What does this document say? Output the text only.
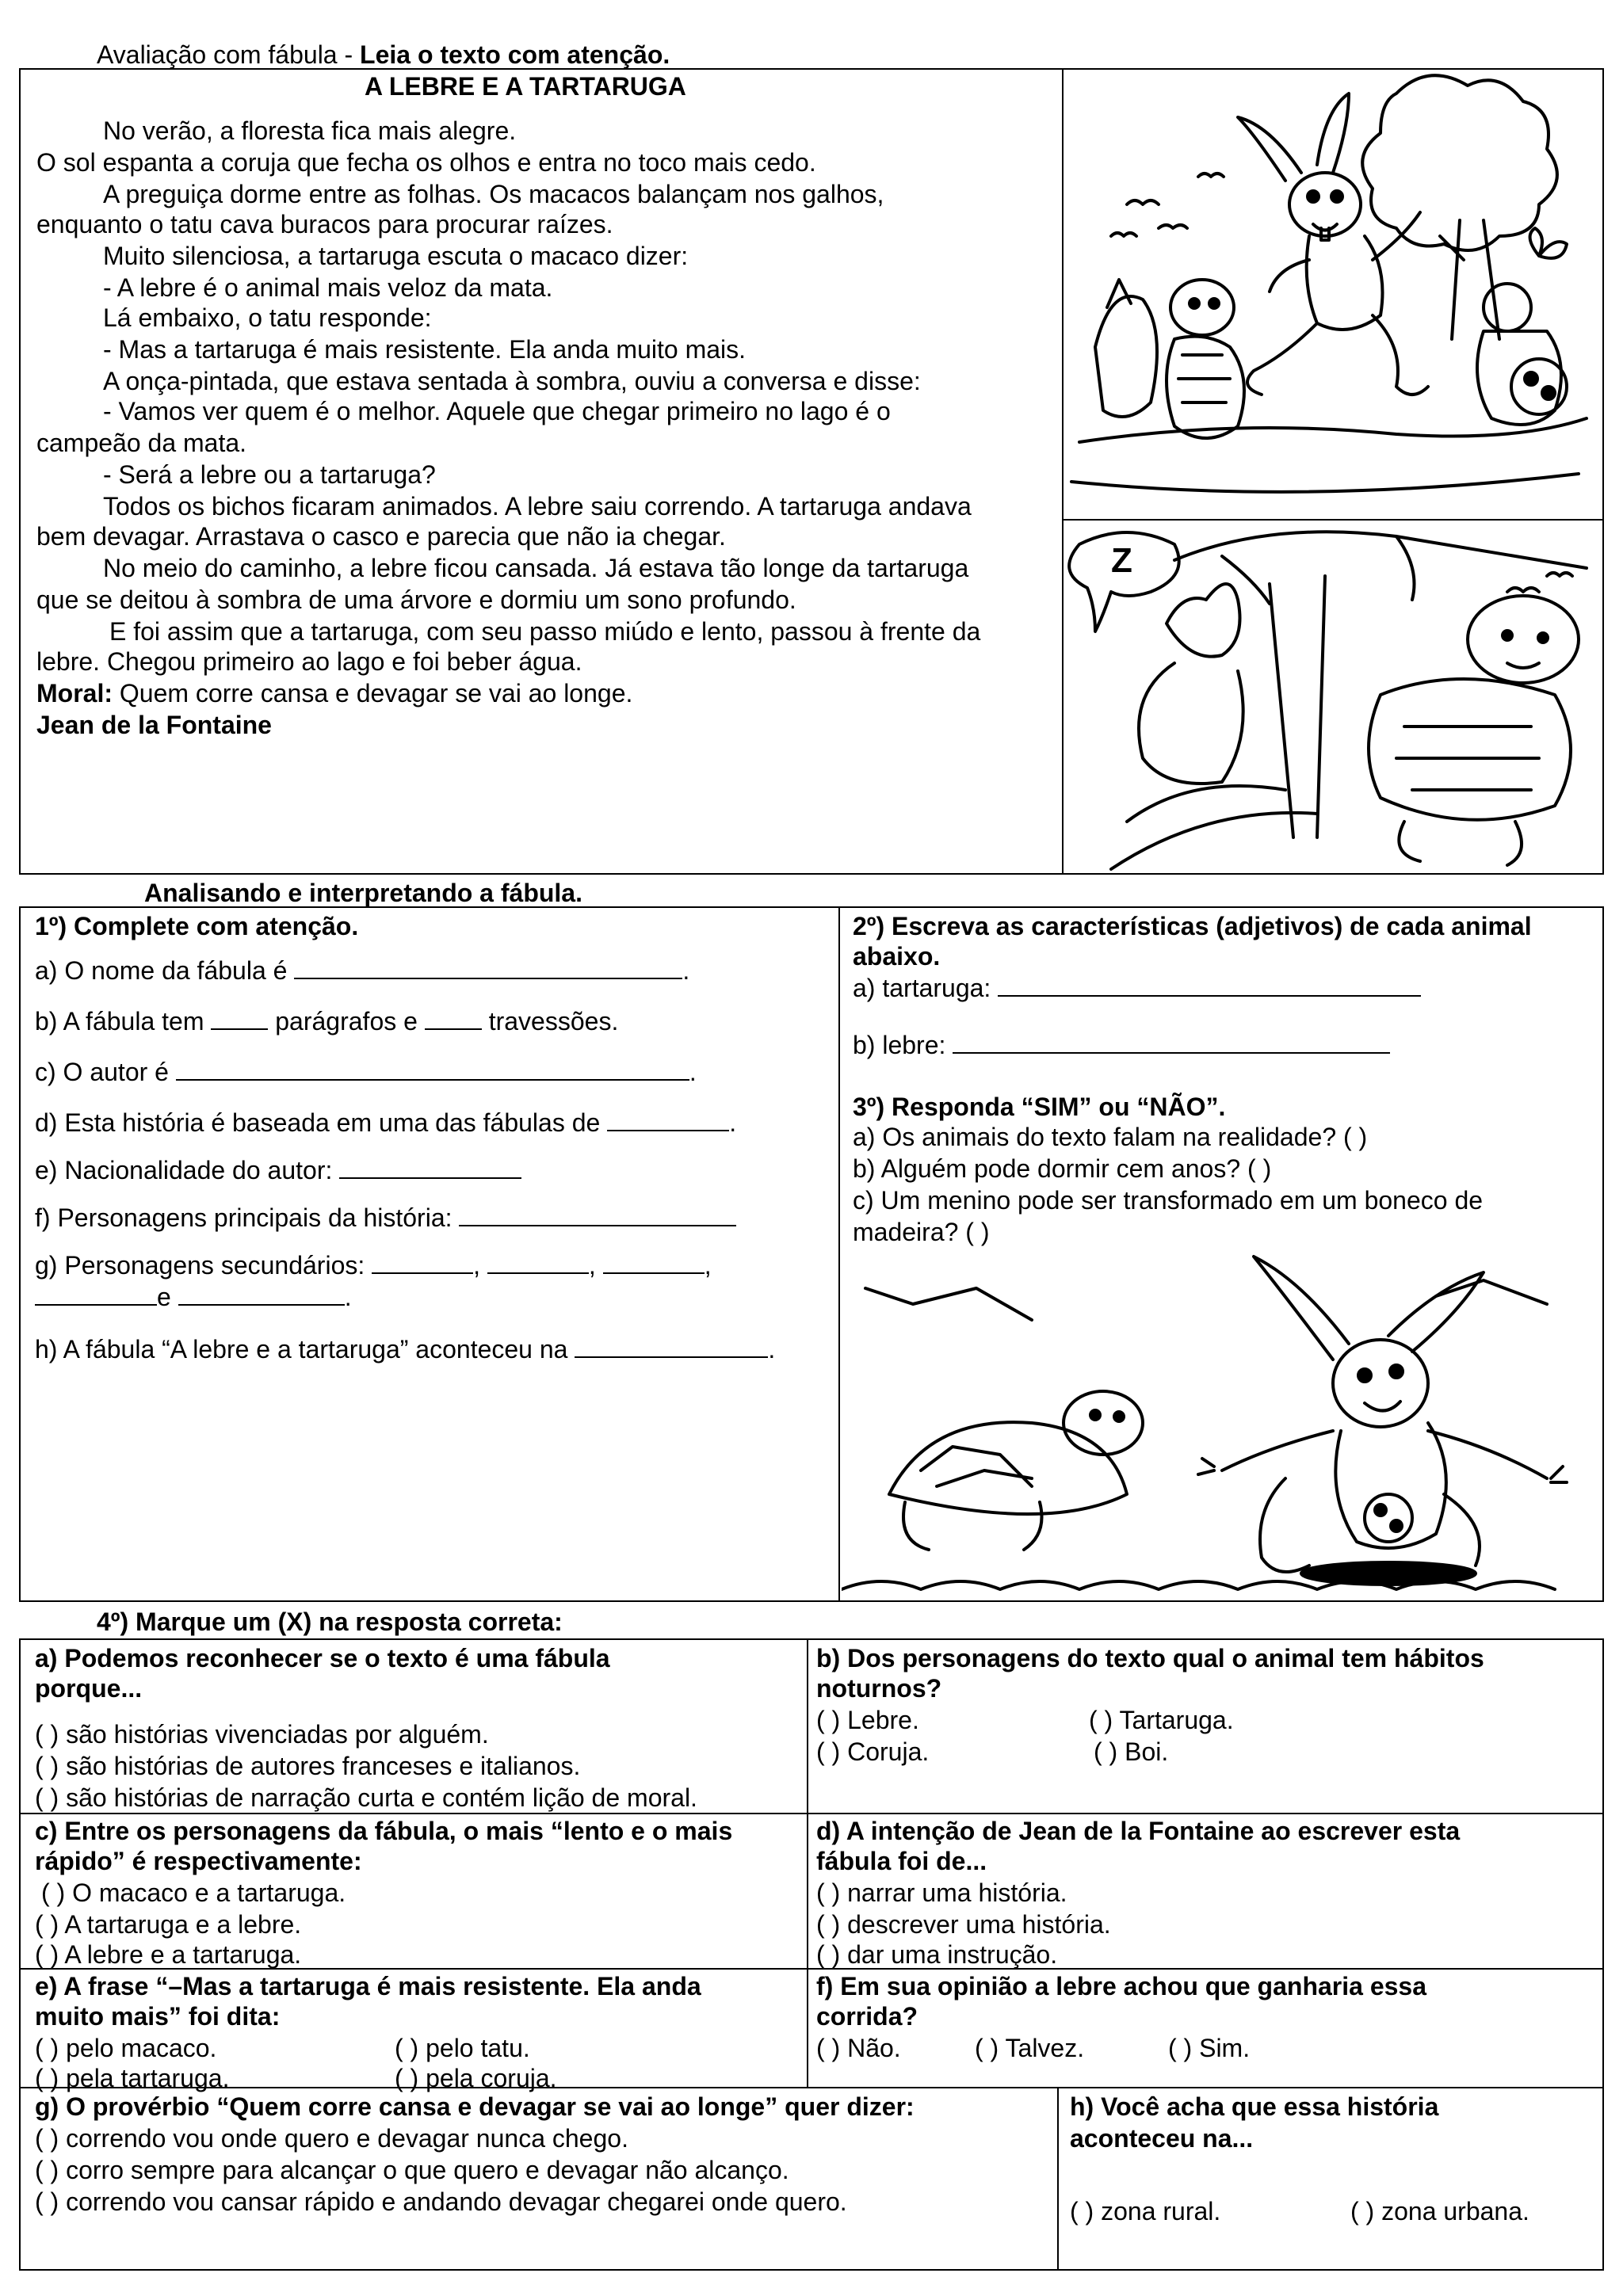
Avaliação com fábula - Leia o texto com atenção.
A LEBRE E A TARTARUGA
No verão, a floresta fica mais alegre.
O sol espanta a coruja que fecha os olhos e entra no toco mais cedo.
A preguiça dorme entre as folhas. Os macacos balançam nos galhos,
enquanto o tatu cava buracos para procurar raízes.
Muito silenciosa, a tartaruga escuta o macaco dizer:
- A lebre é o animal mais veloz da mata.
Lá embaixo, o tatu responde:
- Mas a tartaruga é mais resistente. Ela anda muito mais.
A onça-pintada, que estava sentada à sombra, ouviu a conversa e disse:
- Vamos ver quem é o melhor. Aquele que chegar primeiro no lago é o
campeão da mata.
- Será a lebre ou a tartaruga?
Todos os bichos ficaram animados. A lebre saiu correndo. A tartaruga andava
bem devagar. Arrastava o casco e parecia que não ia chegar.
No meio do caminho, a lebre ficou cansada. Já estava tão longe da tartaruga
que se deitou à sombra de uma árvore e dormiu um sono profundo.
E foi assim que a tartaruga, com seu passo miúdo e lento, passou à frente da
lebre. Chegou primeiro ao lago e foi beber água.
Moral: Quem corre cansa e devagar se vai ao longe.
Jean de la Fontaine
Z
Analisando e interpretando a fábula.
1º) Complete com atenção.
a) O nome da fábula é	.
b) A fábula tem	parágrafos e	travessões.
c) O autor é	.
d) Esta história é baseada em uma das fábulas de	.
e) Nacionalidade do autor:
f) Personagens principais da história:
g) Personagens secundários:	,	,	,
e	.
h) A fábula “A lebre e a tartaruga” aconteceu na	.
2º) Escreva as características (adjetivos) de cada animal
abaixo.
a) tartaruga:
b) lebre:
3º) Responda “SIM” ou “NÃO”.
a) Os animais do texto falam na realidade? ( )
b) Alguém pode dormir cem anos? ( )
c) Um menino pode ser transformado em um boneco de
madeira? ( )
4º) Marque um (X) na resposta correta:
a) Podemos reconhecer se o texto é uma fábula
porque...
( ) são histórias vivenciadas por alguém.
( ) são histórias de autores franceses e italianos.
( ) são histórias de narração curta e contém lição de moral.
b) Dos personagens do texto qual o animal tem hábitos
noturnos?
( ) Lebre.	( ) Tartaruga.
( ) Coruja.	( ) Boi.
c) Entre os personagens da fábula, o mais “lento e o mais
rápido” é respectivamente:
( ) O macaco e a tartaruga.
( ) A tartaruga e a lebre.
( ) A lebre e a tartaruga.
d) A intenção de Jean de la Fontaine ao escrever esta
fábula foi de...
( ) narrar uma história.
( ) descrever uma história.
( ) dar uma instrução.
e) A frase “–Mas a tartaruga é mais resistente. Ela anda
muito mais” foi dita:
( ) pelo macaco.	( ) pelo tatu.
( ) pela tartaruga.	( ) pela coruja.
f) Em sua opinião a lebre achou que ganharia essa
corrida?
( ) Não.	( ) Talvez.	( ) Sim.
g) O provérbio “Quem corre cansa e devagar se vai ao longe” quer dizer:
( ) correndo vou onde quero e devagar nunca chego.
( ) corro sempre para alcançar o que quero e devagar não alcanço.
( ) correndo vou cansar rápido e andando devagar chegarei onde quero.
h) Você acha que essa história
aconteceu na...
( ) zona rural.	( ) zona urbana.
